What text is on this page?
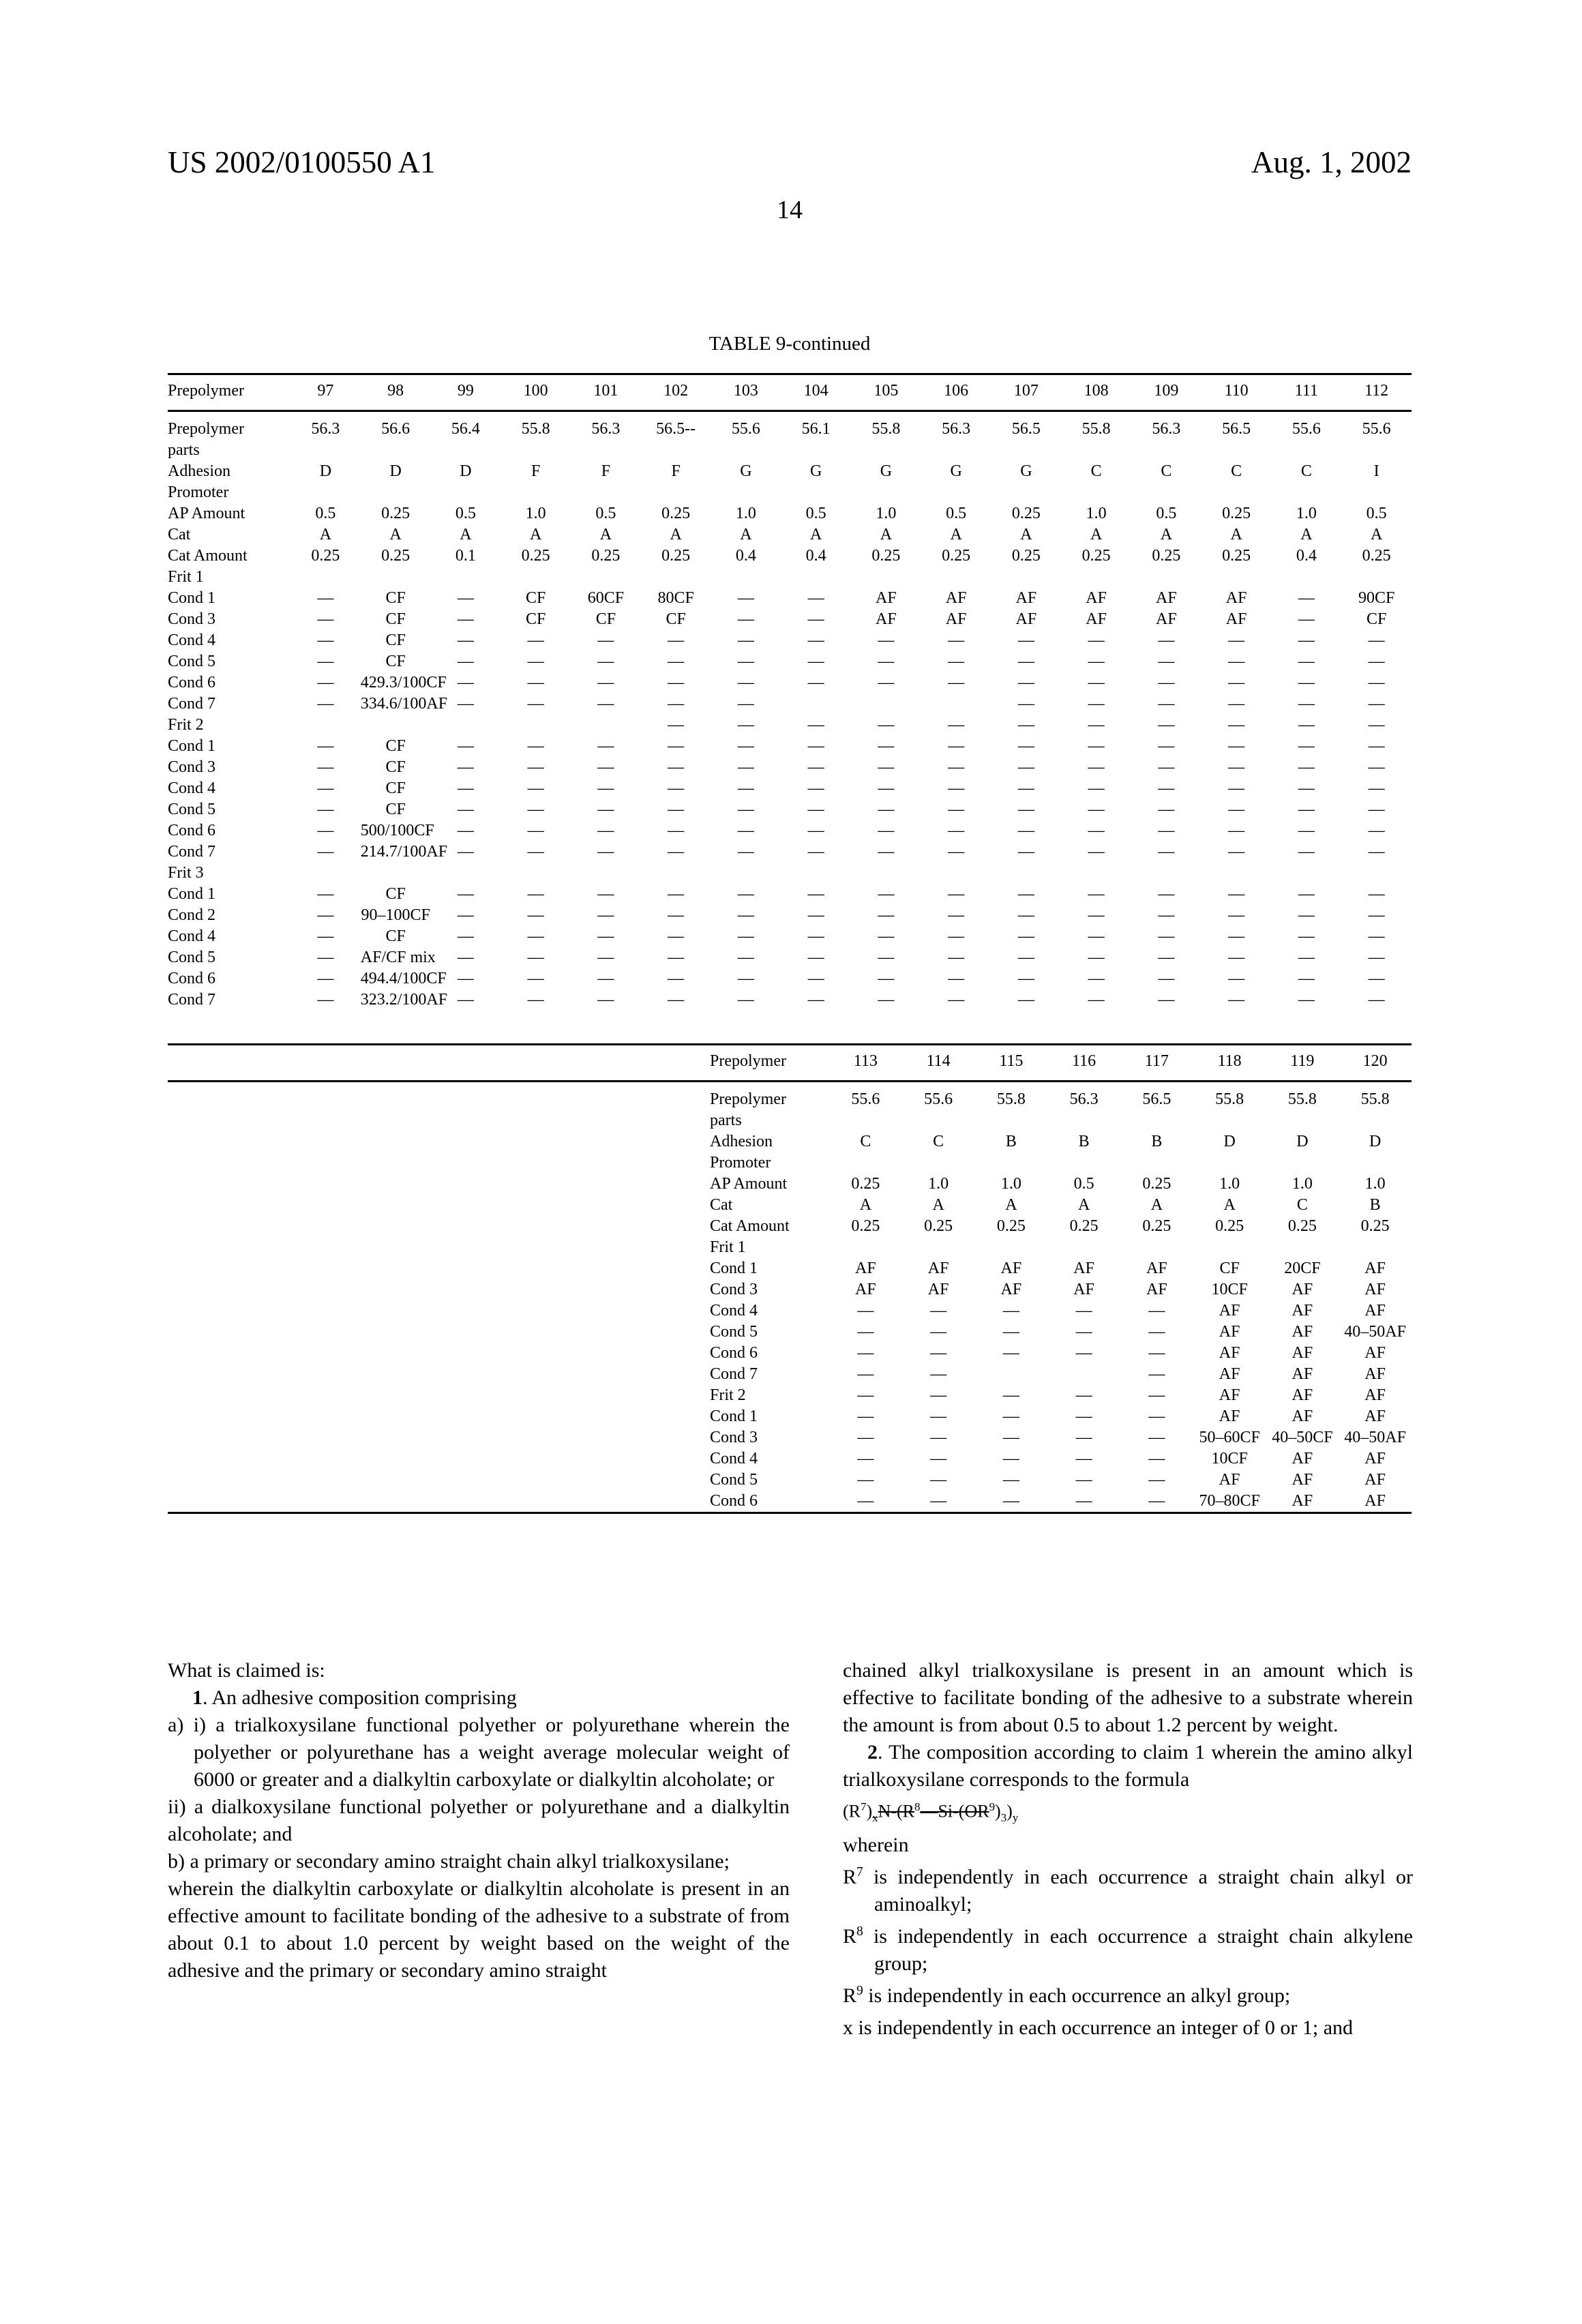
US 2002/0100550 A1	Aug. 1, 2002
14
TABLE 9-continued
Prepolymer	97	98	99	100	101	102	103	104	105	106	107	108	109	110	111	112
Prepolymer
parts	56.3	56.6	56.4	55.8	56.3	56.5--	55.6	56.1	55.8	56.3	56.5	55.8	56.3	56.5	55.6	55.6
Adhesion
Promoter	D	D	D	F	F	F	G	G	G	G	G	C	C	C	C	I
AP Amount	0.5	0.25	0.5	1.0	0.5	0.25	1.0	0.5	1.0	0.5	0.25	1.0	0.5	0.25	1.0	0.5
Cat	A	A	A	A	A	A	A	A	A	A	A	A	A	A	A	A
Cat Amount	0.25	0.25	0.1	0.25	0.25	0.25	0.4	0.4	0.25	0.25	0.25	0.25	0.25	0.25	0.4	0.25
Frit 1																
Cond 1	—	CF	—	CF	60CF	80CF	—	—	AF	AF	AF	AF	AF	AF	—	90CF
Cond 3	—	CF	—	CF	CF	CF	—	—	AF	AF	AF	AF	AF	AF	—	CF
Cond 4	—	CF	—	—	—	—	—	—	—	—	—	—	—	—	—	—
Cond 5	—	CF	—	—	—	—	—	—	—	—	—	—	—	—	—	—
Cond 6	—	429.3/100CF	—	—	—	—	—	—	—	—	—	—	—	—	—	—
Cond 7	—	334.6/100AF	—	—	—	—	—				—	—	—	—	—	—
Frit 2						—	—	—	—	—	—	—	—	—	—	—
Cond 1	—	CF	—	—	—	—	—	—	—	—	—	—	—	—	—	—
Cond 3	—	CF	—	—	—	—	—	—	—	—	—	—	—	—	—	—
Cond 4	—	CF	—	—	—	—	—	—	—	—	—	—	—	—	—	—
Cond 5	—	CF	—	—	—	—	—	—	—	—	—	—	—	—	—	—
Cond 6	—	500/100CF	—	—	—	—	—	—	—	—	—	—	—	—	—	—
Cond 7	—	214.7/100AF	—	—	—	—	—	—	—	—	—	—	—	—	—	—
Frit 3																
Cond 1	—	CF	—	—	—	—	—	—	—	—	—	—	—	—	—	—
Cond 2	—	90–100CF	—	—	—	—	—	—	—	—	—	—	—	—	—	—
Cond 4	—	CF	—	—	—	—	—	—	—	—	—	—	—	—	—	—
Cond 5	—	AF/CF mix	—	—	—	—	—	—	—	—	—	—	—	—	—	—
Cond 6	—	494.4/100CF	—	—	—	—	—	—	—	—	—	—	—	—	—	—
Cond 7	—	323.2/100AF	—	—	—	—	—	—	—	—	—	—	—	—	—	—
	Prepolymer	113	114	115	116	117	118	119	120
	Prepolymer
parts	55.6	55.6	55.8	56.3	56.5	55.8	55.8	55.8
	Adhesion
Promoter	C	C	B	B	B	D	D	D
	AP Amount	0.25	1.0	1.0	0.5	0.25	1.0	1.0	1.0
	Cat	A	A	A	A	A	A	C	B
	Cat Amount	0.25	0.25	0.25	0.25	0.25	0.25	0.25	0.25
	Frit 1								
	Cond 1	AF	AF	AF	AF	AF	CF	20CF	AF
	Cond 3	AF	AF	AF	AF	AF	10CF	AF	AF
	Cond 4	—	—	—	—	—	AF	AF	AF
	Cond 5	—	—	—	—	—	AF	AF	40–50AF
	Cond 6	—	—	—	—	—	AF	AF	AF
	Cond 7	—	—			—	AF	AF	AF
	Frit 2	—	—	—	—	—	AF	AF	AF
	Cond 1	—	—	—	—	—	AF	AF	AF
	Cond 3	—	—	—	—	—	50–60CF	40–50CF	40–50AF
	Cond 4	—	—	—	—	—	10CF	AF	AF
	Cond 5	—	—	—	—	—	AF	AF	AF
	Cond 6	—	—	—	—	—	70–80CF	AF	AF

What is claimed is:

1. An adhesive composition comprising

a) i) a trialkoxysilane functional polyether or polyurethane wherein the polyether or polyurethane has a weight average molecular weight of 6000 or greater and a dialkyltin carboxylate or dialkyltin alcoholate; or

ii) a dialkoxysilane functional polyether or polyurethane and a dialkyltin alcoholate; and

b) a primary or secondary amino straight chain alkyl trialkoxysilane;

wherein the dialkyltin carboxylate or dialkyltin alcoholate is present in an effective amount to facilitate bonding of the adhesive to a substrate of from about 0.1 to about 1.0 percent by weight based on the weight of the adhesive and the primary or secondary amino straight

chained alkyl trialkoxysilane is present in an amount which is effective to facilitate bonding of the adhesive to a substrate wherein the amount is from about 0.5 to about 1.2 percent by weight.

2. The composition according to claim 1 wherein the amino alkyl trialkoxysilane corresponds to the formula

$(R^7)_xN-(R^8—Si-(OR^9)_3)_y$

wherein

$R^7$ is independently in each occurrence a straight chain alkyl or aminoalkyl;

$R^8$ is independently in each occurrence a straight chain alkylene group;

$R^9$ is independently in each occurrence an alkyl group;

x is independently in each occurrence an integer of 0 or 1; and
